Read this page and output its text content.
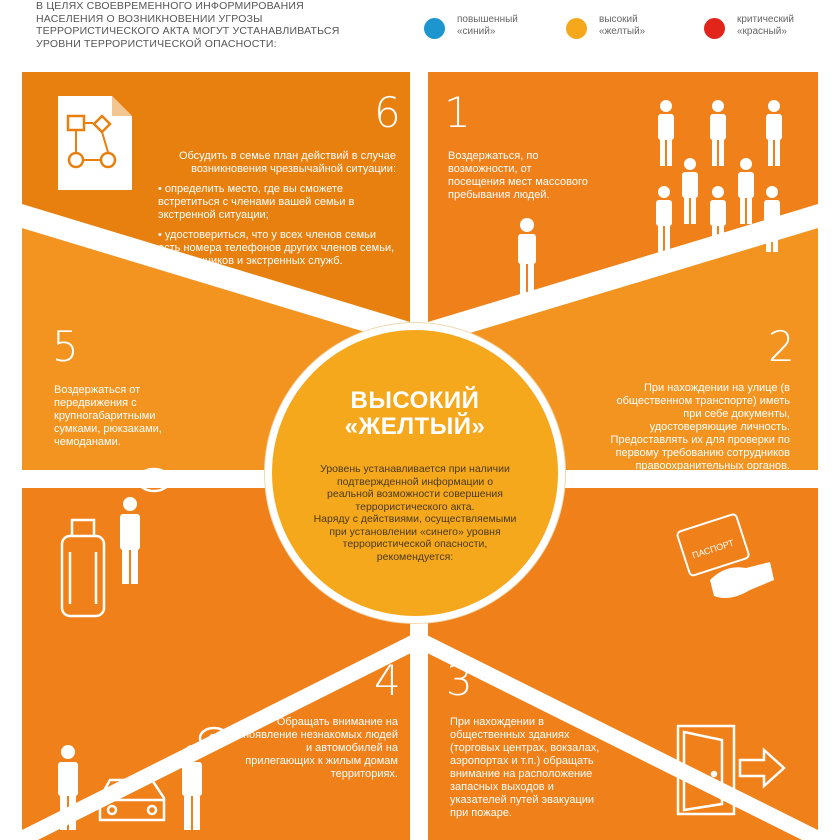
В ЦЕЛЯХ СВОЕВРЕМЕННОГО ИНФОРМИРОВАНИЯ
НАСЕЛЕНИЯ О ВОЗНИКНОВЕНИИ УГРОЗЫ
ТЕРРОРИСТИЧЕСКОГО АКТА МОГУТ УСТАНАВЛИВАТЬСЯ
УРОВНИ ТЕРРОРИСТИЧЕСКОЙ ОПАСНОСТИ:
повышенный
«синий»
высокий
«желтый»
критический
«красный»
6

Обсудить в семье план действий в случае возникновения чрезвычайной ситуации:

• определить место, где вы сможете встретиться с членами вашей семьи в экстренной ситуации;
• удостовериться, что у всех членов семьи есть номера телефонов других членов семьи, родственников и экстренных служб.
1
Воздержаться, по возможности, от посещения мест массового пребывания людей.
5
Воздержаться от передвижения с крупногабаритными сумками, рюкзаками, чемоданами.
?
2
При нахождении на улице (в общественном транспорте) иметь при себе документы, удостоверяющие личность. Предоставлять их для проверки по первому требованию сотрудников правоохранительных органов.
ПАСПОРТ
4
Обращать внимание на появление незнакомых людей и автомобилей на прилегающих к жилым домам территориях.
?
3
При нахождении в общественных зданиях (торговых центрах, вокзалах, аэропортах и т.п.) обращать внимание на расположение запасных выходов и указателей путей эвакуации при пожаре.
ВЫСОКИЙ
«ЖЕЛТЫЙ»
Уровень устанавливается при наличии
подтвержденной информации о
реальной возможности совершения
террористического акта.
Наряду с действиями, осуществляемыми
при установлении «синего» уровня
террористической опасности,
рекомендуется:
